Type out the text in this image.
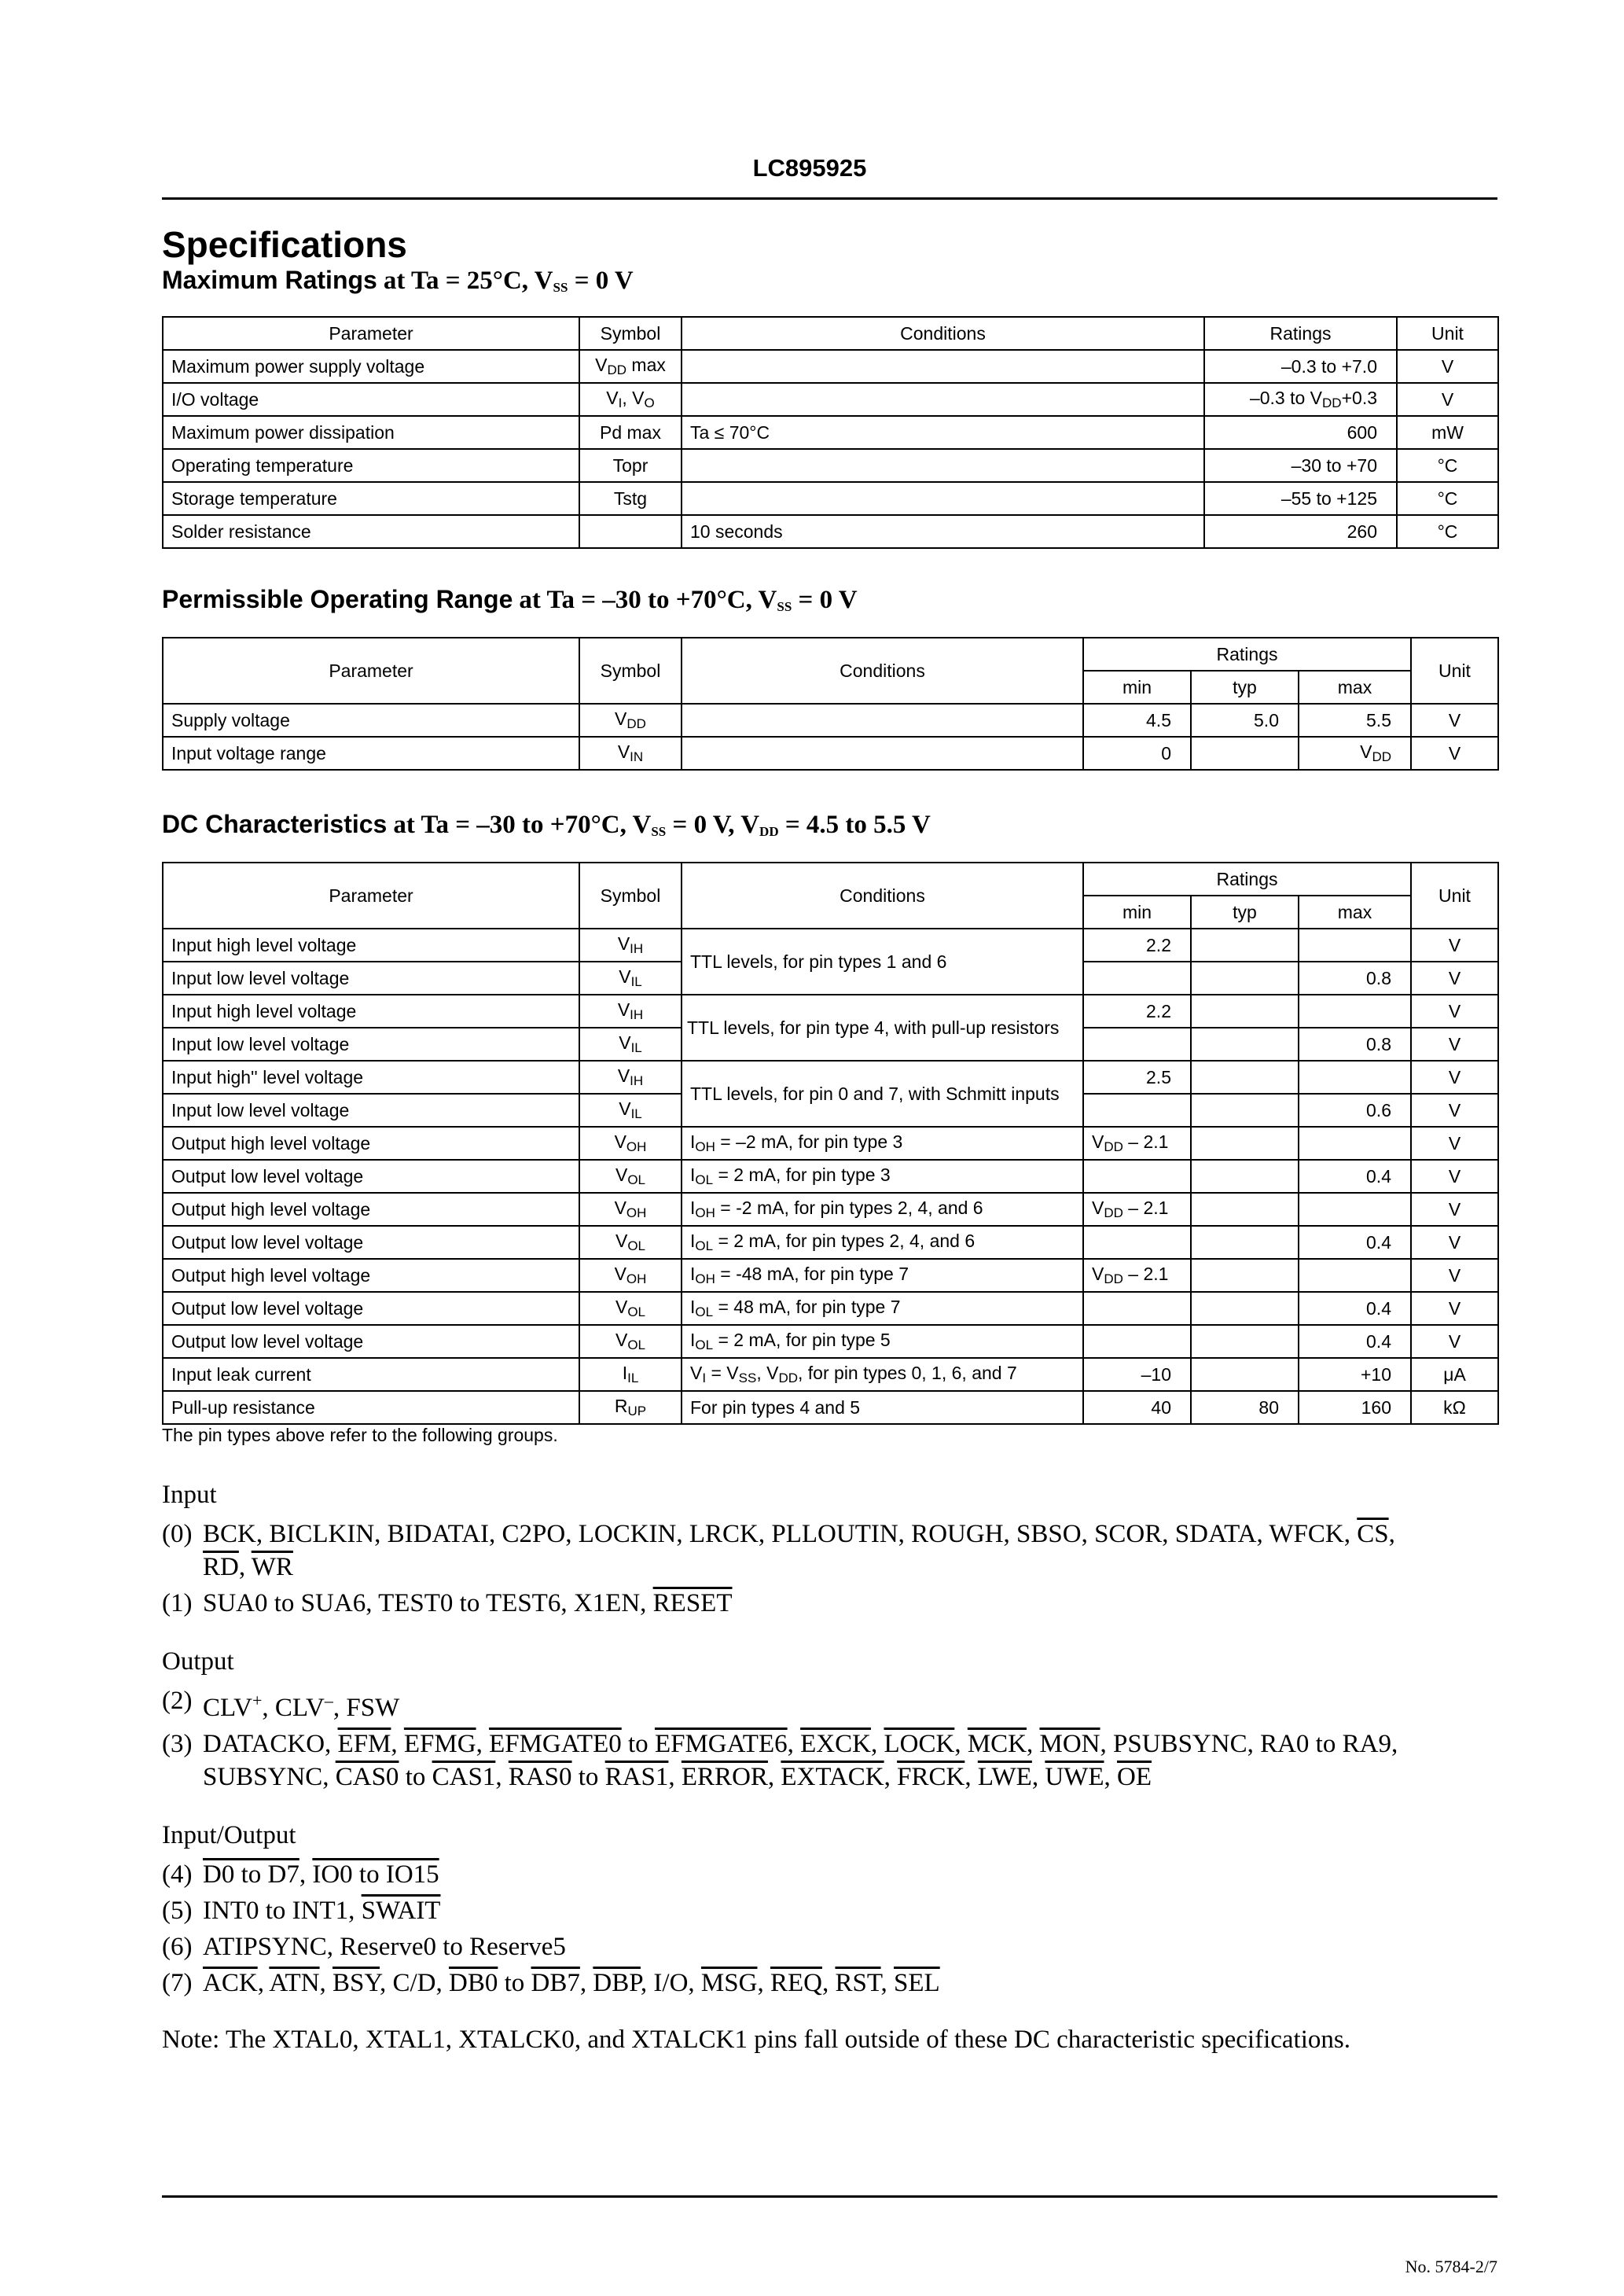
LC895925
Specifications
Maximum Ratings at Ta = 25°C, $V_{SS} = 0$ V
Parameter	Symbol	Conditions	Ratings	Unit
Maximum power supply voltage	$V_{DD}$ max		–0.3 to +7.0	V
I/O voltage	$V_I$, $V_O$		–0.3 to $V_{DD}+0.3$	V
Maximum power dissipation	Pd max	Ta ≤ 70°C	600	mW
Operating temperature	Topr		–30 to +70	°C
Storage temperature	Tstg		–55 to +125	°C
Solder resistance		10 seconds	260	°C
Permissible Operating Range at Ta = –30 to +70°C, $V_{SS} = 0$ V
Parameter	Symbol	Conditions	Ratings			Unit
			min	typ	max	
Supply voltage	$V_{DD}$		4.5	5.0	5.5	V
Input voltage range	$V_{IN}$		0		$V_{DD}$	V
DC Characteristics at Ta = –30 to +70°C, $V_{SS} = 0$ V, $V_{DD} = 4.5$ to 5.5 V
Parameter	Symbol	Conditions	Ratings			Unit
			min	typ	max	
Input high level voltage	$V_{IH}$	TTL levels, for pin types 1 and 6	2.2			V
Input low level voltage	$V_{IL}$				0.8	V
Input high level voltage	$V_{IH}$	TTL levels, for pin type 4, with pull-up resistors	2.2			V
Input low level voltage	$V_{IL}$				0.8	V
Input high'' level voltage	$V_{IH}$	TTL levels, for pin 0 and 7, with Schmitt inputs	2.5			V
Input low level voltage	$V_{IL}$				0.6	V
Output high level voltage	$V_{OH}$	$I_{OH} = -2$ mA, for pin type 3	$V_{DD} - 2.1$			V
Output low level voltage	$V_{OL}$	$I_{OL} = 2$ mA, for pin type 3			0.4	V
Output high level voltage	$V_{OH}$	$I_{OH} = -2$ mA, for pin types 2, 4, and 6	$V_{DD} - 2.1$			V
Output low level voltage	$V_{OL}$	$I_{OL} = 2$ mA, for pin types 2, 4, and 6			0.4	V
Output high level voltage	$V_{OH}$	$I_{OH} = -48$ mA, for pin type 7	$V_{DD} - 2.1$			V
Output low level voltage	$V_{OL}$	$I_{OL} = 48$ mA, for pin type 7			0.4	V
Output low level voltage	$V_{OL}$	$I_{OL} = 2$ mA, for pin type 5			0.4	V
Input leak current	$I_{IL}$	$V_I = V_{SS}$, $V_{DD}$, for pin types 0, 1, 6, and 7	–10		+10	μA
Pull-up resistance	$R_{UP}$	For pin types 4 and 5	40	80	160	kΩ
The pin types above refer to the following groups.
Input
(0) BCK, BICLKIN, BIDATAI, C2PO, LOCKIN, LRCK, PLLOUTIN, ROUGH, SBSO, SCOR, SDATA, WFCK, $\overline{CS}$,
$\overline{RD}$, $\overline{WR}$
(1) SUA0 to SUA6, TEST0 to TEST6, X1EN, RESET
Output
(2) CLV+, CLV–, FSW
(3) DATACKO, $\overline{EFM}$, EFMG, EFMGATE0 to EFMGATE6, EXCK, LOCK, $\overline{MCK}$, $\overline{MON}$, PSUBSYNC, RA0 to RA9,
SUBSYNC, CAS0 to CAS1, RAS0 to RAS1, ERROR, EXTACK, FRCK, $\overline{LWE}$, $\overline{UWE}$, $\overline{OE}$
Input/Output
(4) D0 to D7, IO0 to IO15
(5) INT0 to INT1, SWAIT
(6) ATIPSYNC, Reserve0 to Reserve5
(7) $\overline{ACK}$, $\overline{ATN}$, $\overline{BSY}$, C/D, DB0 to DB7, $\overline{DBP}$, I/O, $\overline{MSG}$, $\overline{REQ}$, $\overline{RST}$, $\overline{SEL}$
Note: The XTAL0, XTAL1, XTALCK0, and XTALCK1 pins fall outside of these DC characteristic specifications.
No. 5784-2/7
